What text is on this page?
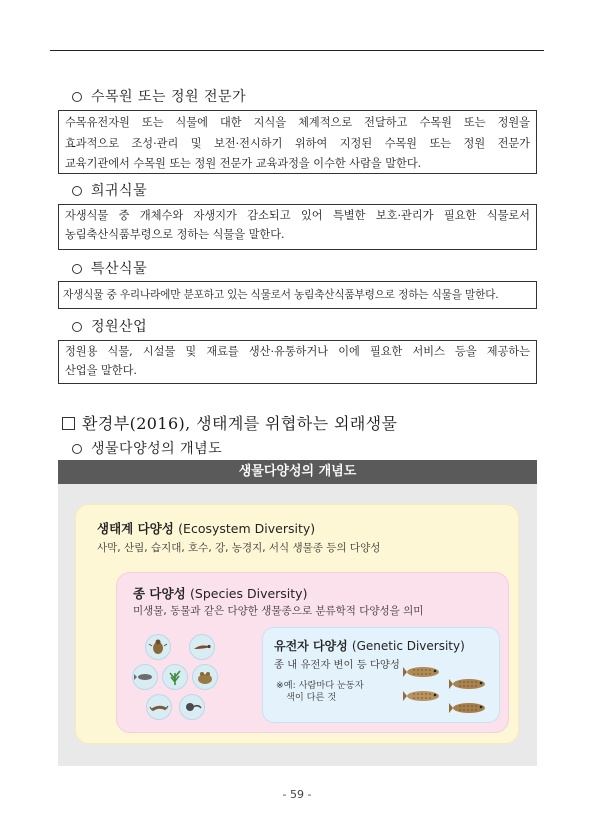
수목원 또는 정원 전문가
수목유전자원 또는 식물에 대한 지식을 체계적으로 전달하고 수목원 또는 정원을
효과적으로 조성·관리 및 보전·전시하기 위하여 지정된 수목원 또는 정원 전문가
교육기관에서 수목원 또는 정원 전문가 교육과정을 이수한 사람을 말한다.
희귀식물
자생식물 중 개체수와 자생지가 감소되고 있어 특별한 보호·관리가 필요한 식물로서
농림축산식품부령으로 정하는 식물을 말한다.
특산식물
자생식물 중 우리나라에만 분포하고 있는 식물로서 농림축산식품부령으로 정하는 식물을 말한다.
정원산업
정원용 식물, 시설물 및 재료를 생산·유통하거나 이에 필요한 서비스 등을 제공하는
산업을 말한다.
환경부(2016), 생태계를 위협하는 외래생물
생물다양성의 개념도
생물다양성의 개념도
생태계 다양성 (Ecosystem Diversity)
사막, 산림, 습지대, 호수, 강, 농경지, 서식 생물종 등의 다양성
종 다양성 (Species Diversity)
미생물, 동물과 같은 다양한 생물종으로 분류학적 다양성을 의미
유전자 다양성 (Genetic Diversity)
종 내 유전자 변이 등 다양성
※예: 사람마다 눈동자
색이 다른 것
- 59 -
